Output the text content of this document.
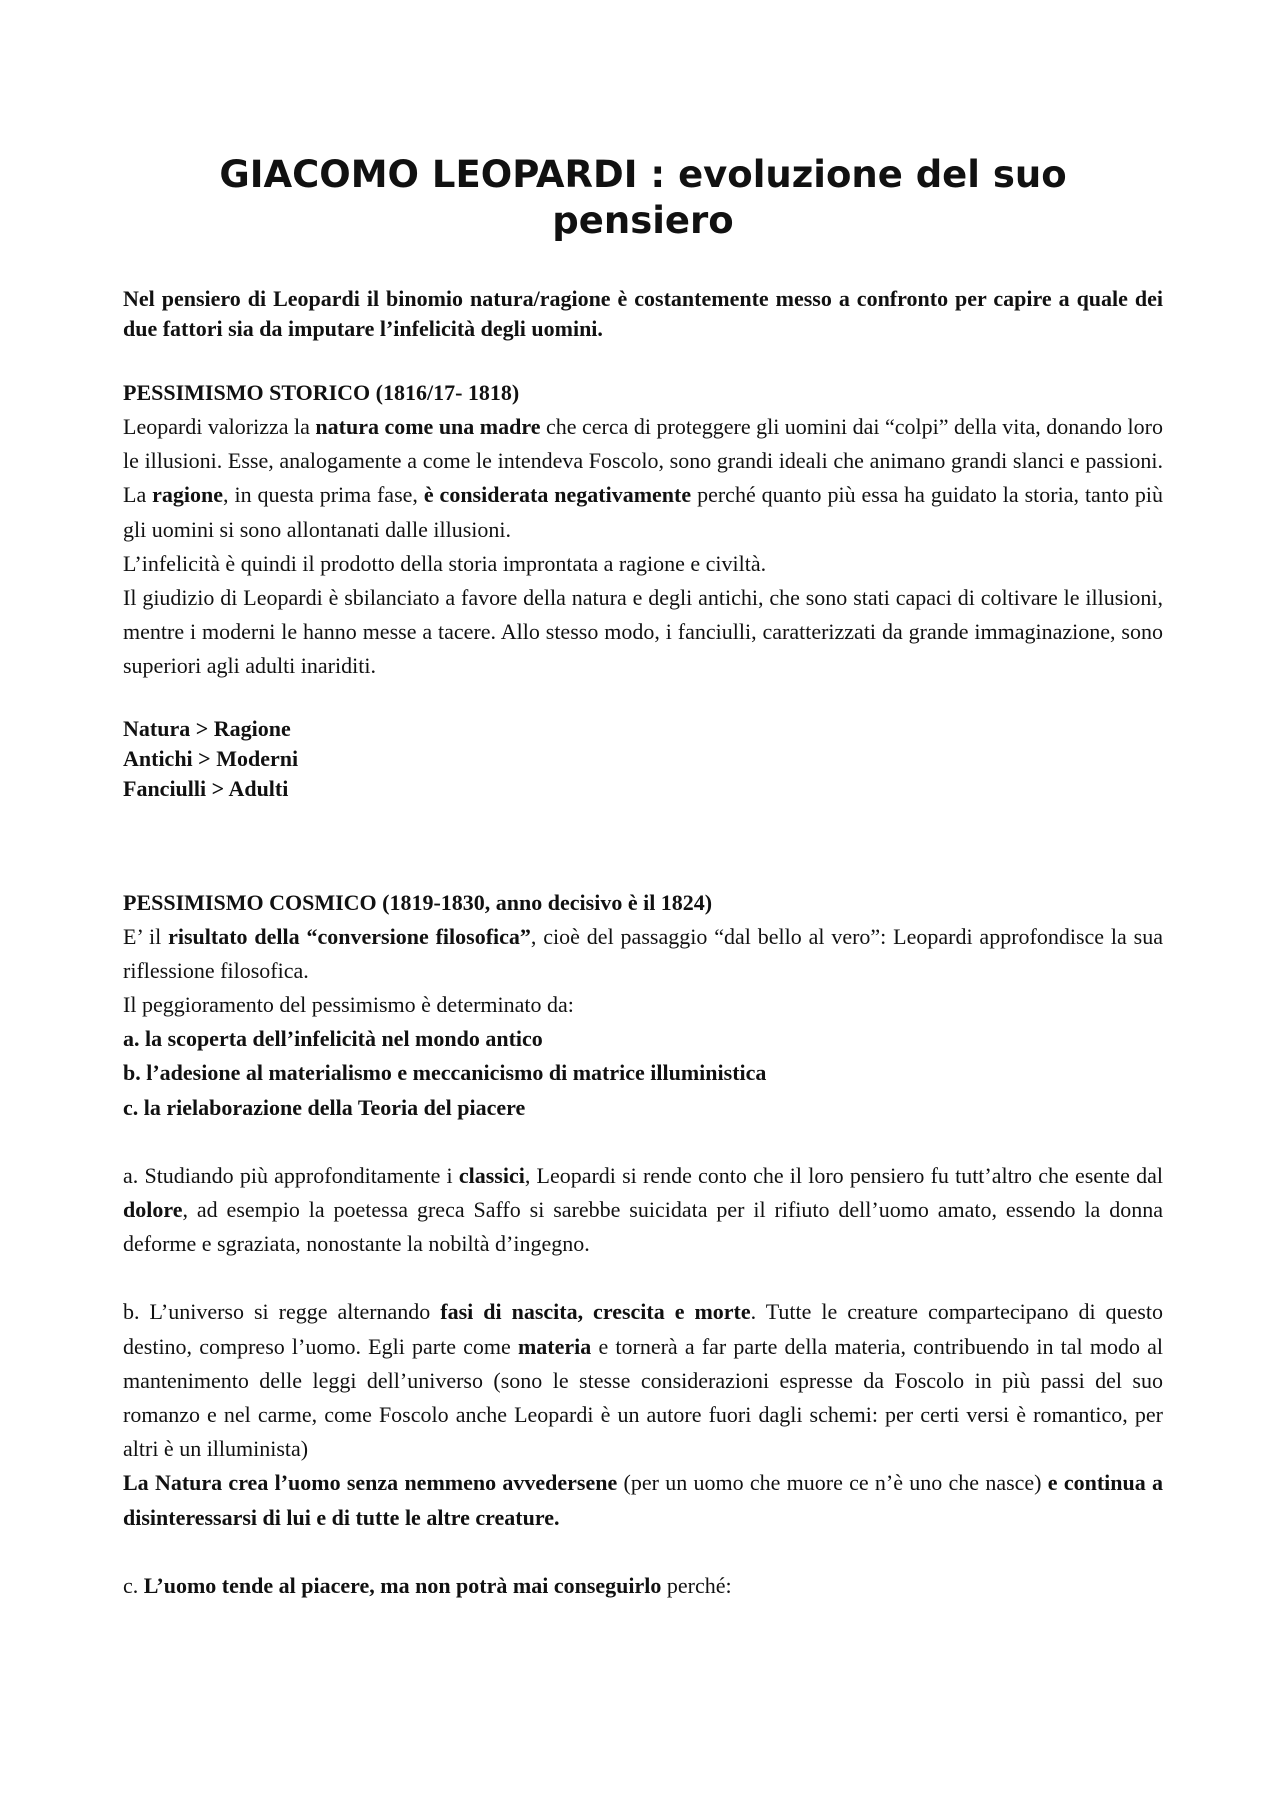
GIACOMO LEOPARDI : evoluzione del suo pensiero

Nel pensiero di Leopardi il binomio natura/ragione è costantemente messo a confronto per capire a quale dei due fattori sia da imputare l’infelicità degli uomini.

PESSIMISMO STORICO (1816/17- 1818)

Leopardi valorizza la natura come una madre che cerca di proteggere gli uomini dai “colpi” della vita, donando loro le illusioni. Esse, analogamente a come le intendeva Foscolo, sono grandi ideali che animano grandi slanci e passioni. La ragione, in questa prima fase, è considerata negativamente perché quanto più essa ha guidato la storia, tanto più gli uomini si sono allontanati dalle illusioni.

L’infelicità è quindi il prodotto della storia improntata a ragione e civiltà.

Il giudizio di Leopardi è sbilanciato a favore della natura e degli antichi, che sono stati capaci di coltivare le illusioni, mentre i moderni le hanno messe a tacere. Allo stesso modo, i fanciulli, caratterizzati da grande immaginazione, sono superiori agli adulti inariditi.

Natura > Ragione

Antichi > Moderni

Fanciulli > Adulti

PESSIMISMO COSMICO (1819-1830, anno decisivo è il 1824)

E’ il risultato della “conversione filosofica”, cioè del passaggio “dal bello al vero”: Leopardi approfondisce la sua riflessione filosofica.

Il peggioramento del pessimismo è determinato da:

a. la scoperta dell’infelicità nel mondo antico

b. l’adesione al materialismo e meccanicismo di matrice illuministica

c. la rielaborazione della Teoria del piacere

a. Studiando più approfonditamente i classici, Leopardi si rende conto che il loro pensiero fu tutt’altro che esente dal dolore, ad esempio la poetessa greca Saffo si sarebbe suicidata per il rifiuto dell’uomo amato, essendo la donna deforme e sgraziata, nonostante la nobiltà d’ingegno.

b. L’universo si regge alternando fasi di nascita, crescita e morte. Tutte le creature compartecipano di questo destino, compreso l’uomo. Egli parte come materia e tornerà a far parte della materia, contribuendo in tal modo al mantenimento delle leggi dell’universo (sono le stesse considerazioni espresse da Foscolo in più passi del suo romanzo e nel carme, come Foscolo anche Leopardi è un autore fuori dagli schemi: per certi versi è romantico, per altri è un illuminista)

La Natura crea l’uomo senza nemmeno avvedersene (per un uomo che muore ce n’è uno che nasce) e continua a disinteressarsi di lui e di tutte le altre creature.

c. L’uomo tende al piacere, ma non potrà mai conseguirlo perché:
